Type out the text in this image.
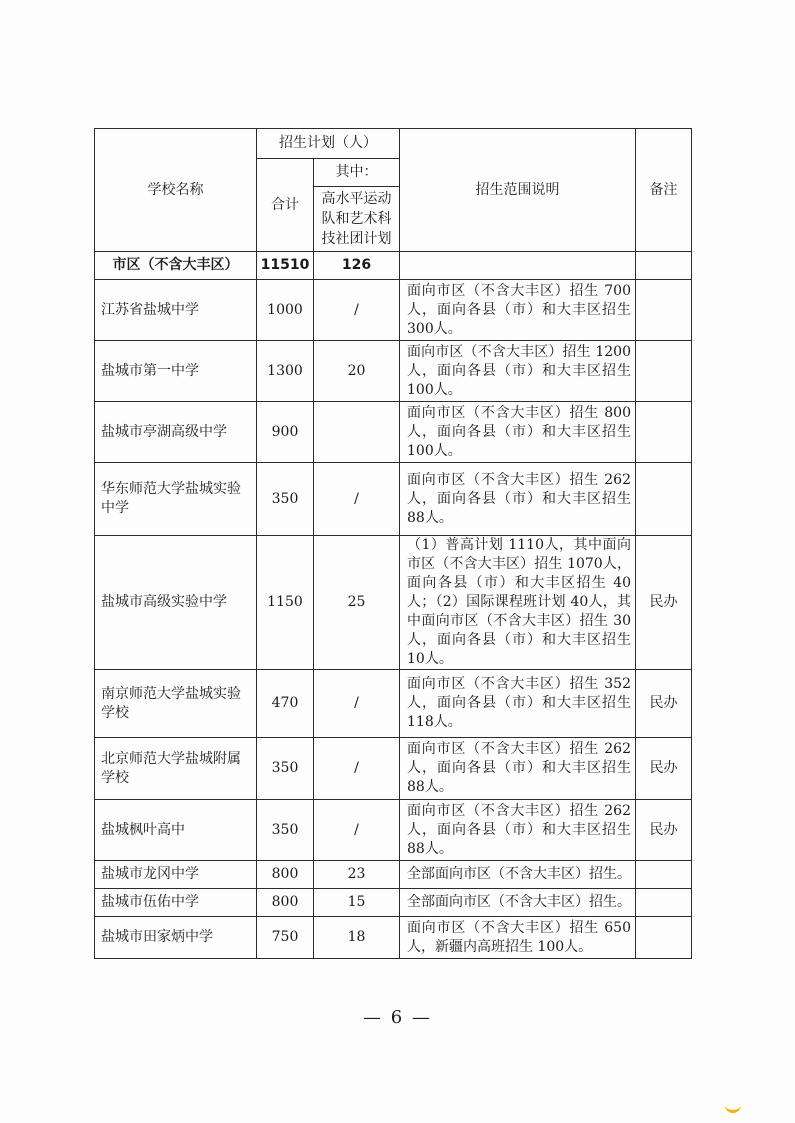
学校名称	招生计划（人）		招生范围说明	备注
	合计	其中：		
		高水平运动队和艺术科技社团计划		
市区（不含大丰区）	11510	126		
江苏省盐城中学	1000	/	面向市区（不含大丰区）招生 700人，面向各县（市）和大丰区招生 300人。	
盐城市第一中学	1300	20	面向市区（不含大丰区）招生 1200人，面向各县（市）和大丰区招生 100人。	
盐城市亭湖高级中学	900		面向市区（不含大丰区）招生 800人，面向各县（市）和大丰区招生 100人。	
华东师范大学盐城实验中学	350	/	面向市区（不含大丰区）招生 262人，面向各县（市）和大丰区招生 88人。	
盐城市高级实验中学	1150	25	（1）普高计划 1110人，其中面向市区（不含大丰区）招生 1070人，面向各县（市）和大丰区招生 40人；（2）国际课程班计划 40人，其中面向市区（不含大丰区）招生 30人，面向各县（市）和大丰区招生 10人。	民办
南京师范大学盐城实验学校	470	/	面向市区（不含大丰区）招生 352人，面向各县（市）和大丰区招生 118人。	民办
北京师范大学盐城附属学校	350	/	面向市区（不含大丰区）招生 262人，面向各县（市）和大丰区招生 88人。	民办
盐城枫叶高中	350	/	面向市区（不含大丰区）招生 262人，面向各县（市）和大丰区招生 88人。	民办
盐城市龙冈中学	800	23	全部面向市区（不含大丰区）招生。	
盐城市伍佑中学	800	15	全部面向市区（不含大丰区）招生。	
盐城市田家炳中学	750	18	面向市区（不含大丰区）招生 650人，新疆内高班招生 100人。	
— 6 —
